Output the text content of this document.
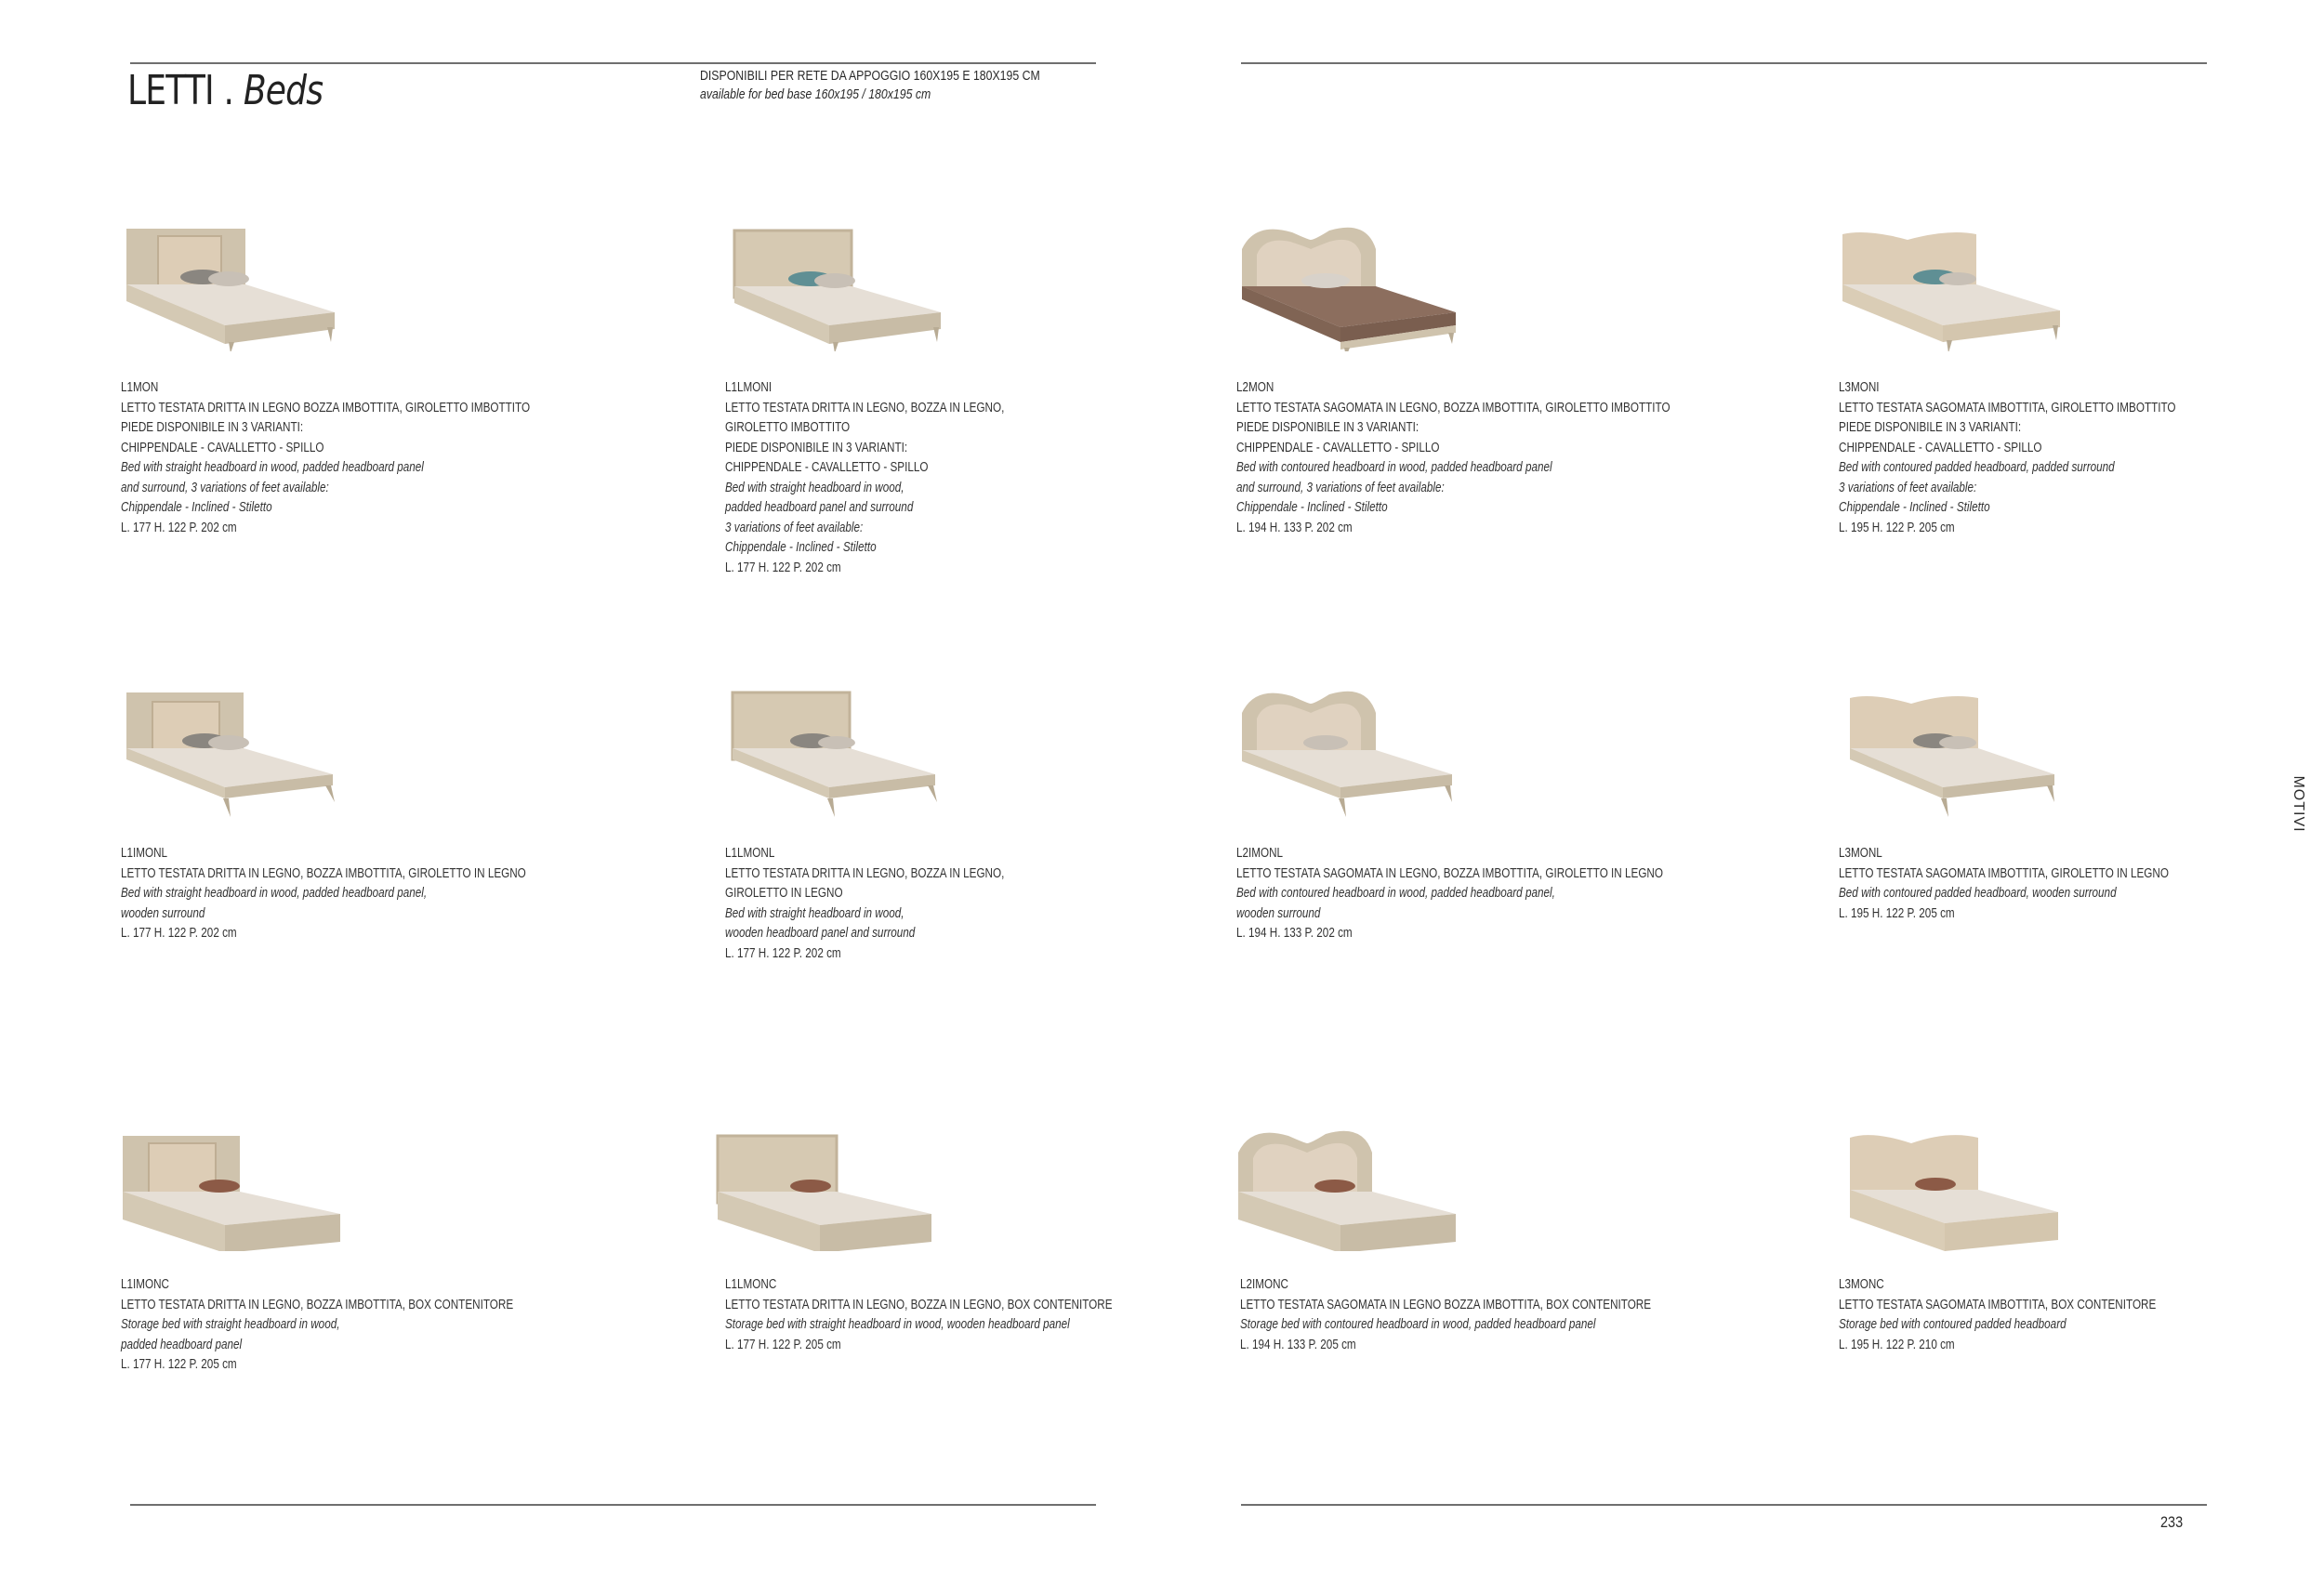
LETTI . Beds	DISPONIBILI PER RETE DA APPOGGIO 160X195 E 180X195 CM
available for bed base 160x195 / 180x195 cm
L1MON
LETTO TESTATA DRITTA IN LEGNO BOZZA IMBOTTITA, GIROLETTO IMBOTTITO
PIEDE DISPONIBILE IN 3 VARIANTI:
CHIPPENDALE - CAVALLETTO - SPILLO
Bed with straight headboard in wood, padded headboard panel
and surround, 3 variations of feet available:
Chippendale - Inclined - Stiletto
L. 177 H. 122 P. 202 cm
L1LMONI
LETTO TESTATA DRITTA IN LEGNO, BOZZA IN LEGNO,
GIROLETTO IMBOTTITO
PIEDE DISPONIBILE IN 3 VARIANTI:
CHIPPENDALE - CAVALLETTO - SPILLO
Bed with straight headboard in wood,
padded headboard panel and surround
3 variations of feet available:
Chippendale - Inclined - Stiletto
L. 177 H. 122 P. 202 cm
L2MON
LETTO TESTATA SAGOMATA IN LEGNO, BOZZA IMBOTTITA, GIROLETTO IMBOTTITO
PIEDE DISPONIBILE IN 3 VARIANTI:
CHIPPENDALE - CAVALLETTO - SPILLO
Bed with contoured headboard in wood, padded headboard panel
and surround, 3 variations of feet available:
Chippendale - Inclined - Stiletto
L. 194 H. 133 P. 202 cm
L3MONI
LETTO TESTATA SAGOMATA IMBOTTITA, GIROLETTO IMBOTTITO
PIEDE DISPONIBILE IN 3 VARIANTI:
CHIPPENDALE - CAVALLETTO - SPILLO
Bed with contoured padded headboard, padded surround
3 variations of feet available:
Chippendale - Inclined - Stiletto
L. 195 H. 122 P. 205 cm
L1IMONL
LETTO TESTATA DRITTA IN LEGNO, BOZZA IMBOTTITA, GIROLETTO IN LEGNO
Bed with straight headboard in wood, padded headboard panel,
wooden surround
L. 177 H. 122 P. 202 cm
L1LMONL
LETTO TESTATA DRITTA IN LEGNO, BOZZA IN LEGNO,
GIROLETTO IN LEGNO
Bed with straight headboard in wood,
wooden headboard panel and surround
L. 177 H. 122 P. 202 cm
L2IMONL
LETTO TESTATA SAGOMATA IN LEGNO, BOZZA IMBOTTITA, GIROLETTO IN LEGNO
Bed with contoured headboard in wood, padded headboard panel,
wooden surround
L. 194 H. 133 P. 202 cm
L3MONL
LETTO TESTATA SAGOMATA IMBOTTITA, GIROLETTO IN LEGNO
Bed with contoured padded headboard, wooden surround
L. 195 H. 122 P. 205 cm
L1IMONC
LETTO TESTATA DRITTA IN LEGNO, BOZZA IMBOTTITA, BOX CONTENITORE
Storage bed with straight headboard in wood,
padded headboard panel
L. 177 H. 122 P. 205 cm
L1LMONC
LETTO TESTATA DRITTA IN LEGNO, BOZZA IN LEGNO, BOX CONTENITORE
Storage bed with straight headboard in wood, wooden headboard panel
L. 177 H. 122 P. 205 cm
L2IMONC
LETTO TESTATA SAGOMATA IN LEGNO BOZZA IMBOTTITA, BOX CONTENITORE
Storage bed with contoured headboard in wood, padded headboard panel
L. 194 H. 133 P. 205 cm
L3MONC
LETTO TESTATA SAGOMATA IMBOTTITA, BOX CONTENITORE
Storage bed with contoured padded headboard
L. 195 H. 122 P. 210 cm
MOTIVI
233
